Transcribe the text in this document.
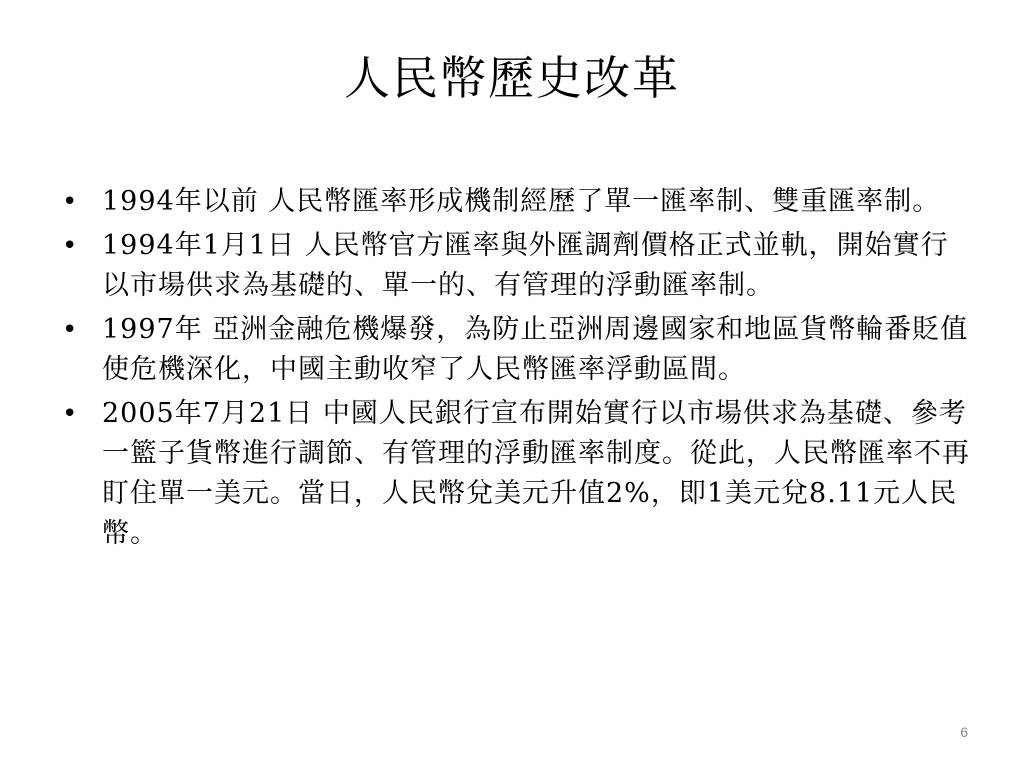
人民幣歷史改革
• 1994年以前 人民幣匯率形成機制經歷了單一匯率制、雙重匯率制。
• 1994年1月1日 人民幣官方匯率與外匯調劑價格正式並軌，開始實行以市場供求為基礎的、單一的、有管理的浮動匯率制。
• 1997年 亞洲金融危機爆發，為防止亞洲周邊國家和地區貨幣輪番貶值使危機深化，中國主動收窄了人民幣匯率浮動區間。
• 2005年7月21日 中國人民銀行宣布開始實行以市場供求為基礎、參考一籃子貨幣進行調節、有管理的浮動匯率制度。從此，人民幣匯率不再盯住單一美元。當日，人民幣兌美元升值2%，即1美元兌8.11元人民幣。
6
